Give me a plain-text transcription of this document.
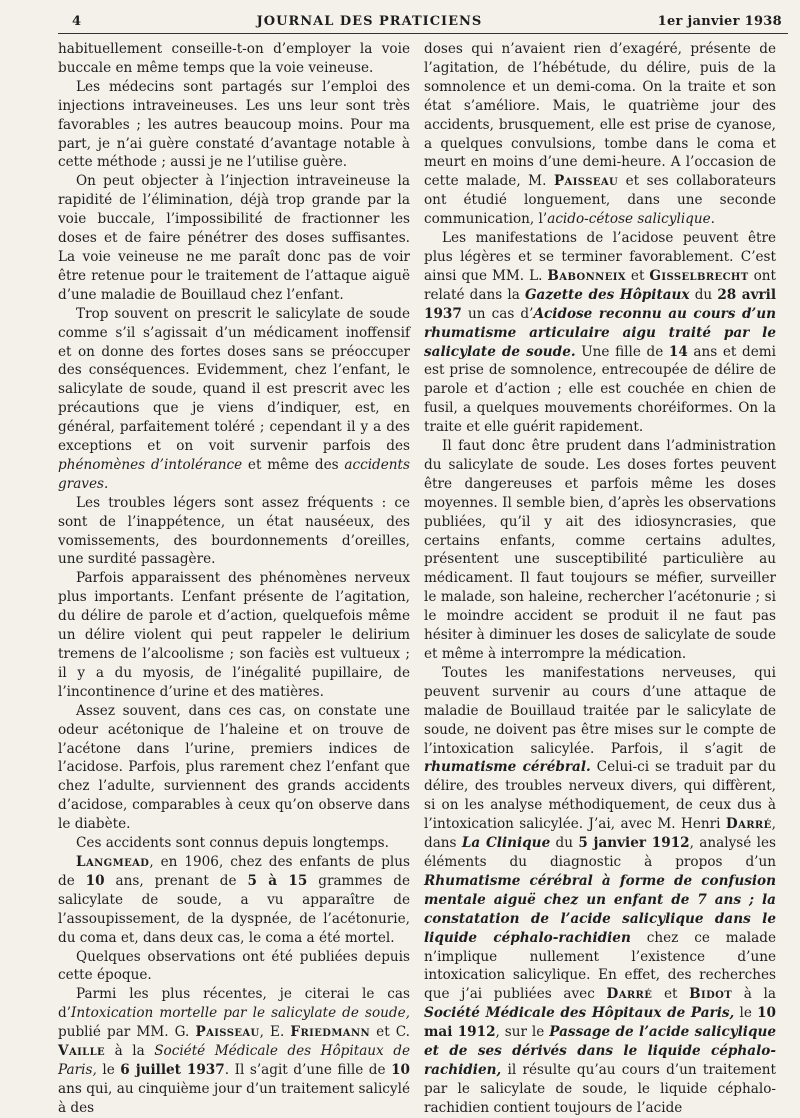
4	JOURNAL DES PRATICIENS	1er janvier 1938

habituellement conseille-t-on d’employer la voie buccale en même temps que la voie veineuse.

Les médecins sont partagés sur l’emploi des injections intraveineuses. Les uns leur sont très favorables ; les autres beaucoup moins. Pour ma part, je n’ai guère constaté d’avantage notable à cette méthode ; aussi je ne l’utilise guère.

On peut objecter à l’injection intraveineuse la rapidité de l’élimination, déjà trop grande par la voie buccale, l’impossibilité de fractionner les doses et de faire pénétrer des doses suffisantes. La voie veineuse ne me paraît donc pas de voir être retenue pour le traitement de l’attaque aiguë d’une maladie de Bouillaud chez l’enfant.

Trop souvent on prescrit le salicylate de soude comme s’il s’agissait d’un médicament inoffensif et on donne des fortes doses sans se préoccuper des conséquences. Evidemment, chez l’enfant, le salicylate de soude, quand il est prescrit avec les précautions que je viens d’indiquer, est, en général, parfaitement toléré ; cependant il y a des exceptions et on voit survenir parfois des phénomènes d’intolérance et même des accidents graves.

Les troubles légers sont assez fréquents : ce sont de l’inappétence, un état nauséeux, des vomissements, des bourdonnements d’oreilles, une surdité passagère.

Parfois apparaissent des phénomènes nerveux plus importants. L’enfant présente de l’agitation, du délire de parole et d’action, quelquefois même un délire violent qui peut rappeler le delirium tremens de l’alcoolisme ; son faciès est vultueux ; il y a du myosis, de l’inégalité pupillaire, de l’incontinence d’urine et des matières.

Assez souvent, dans ces cas, on constate une odeur acétonique de l’haleine et on trouve de l’acétone dans l’urine, premiers indices de l’acidose. Parfois, plus rarement chez l’enfant que chez l’adulte, surviennent des grands accidents d’acidose, comparables à ceux qu’on observe dans le diabète.

Ces accidents sont connus depuis longtemps.

Langmead, en 1906, chez des enfants de plus de 10 ans, prenant de 5 à 15 grammes de salicylate de soude, a vu apparaître de l’assoupissement, de la dyspnée, de l’acétonurie, du coma et, dans deux cas, le coma a été mortel.

Quelques observations ont été publiées depuis cette époque.

Parmi les plus récentes, je citerai le cas d’Intoxication mortelle par le salicylate de soude, publié par MM. G. Paisseau, E. Friedmann et C. Vaille à la Société Médicale des Hôpitaux de Paris, le 6 juillet 1937. Il s’agit d’une fille de 10 ans qui, au cinquième jour d’un traitement salicylé à des

doses qui n’avaient rien d’exagéré, présente de l’agitation, de l’hébétude, du délire, puis de la somnolence et un demi-coma. On la traite et son état s’améliore. Mais, le quatrième jour des accidents, brusquement, elle est prise de cyanose, a quelques convulsions, tombe dans le coma et meurt en moins d’une demi-heure. A l’occasion de cette malade, M. Paisseau et ses collaborateurs ont étudié longuement, dans une seconde communication, l’acido-cétose salicylique.

Les manifestations de l’acidose peuvent être plus légères et se terminer favorablement. C’est ainsi que MM. L. Babonneix et Gisselbrecht ont relaté dans la Gazette des Hôpitaux du 28 avril 1937 un cas d’Acidose reconnu au cours d’un rhumatisme articulaire aigu traité par le salicylate de soude. Une fille de 14 ans et demi est prise de somnolence, entrecoupée de délire de parole et d’action ; elle est couchée en chien de fusil, a quelques mouvements choréiformes. On la traite et elle guérit rapidement.

Il faut donc être prudent dans l’administration du salicylate de soude. Les doses fortes peuvent être dangereuses et parfois même les doses moyennes. Il semble bien, d’après les observations publiées, qu’il y ait des idiosyncrasies, que certains enfants, comme certains adultes, présentent une susceptibilité particulière au médicament. Il faut toujours se méfier, surveiller le malade, son haleine, rechercher l’acétonurie ; si le moindre accident se produit il ne faut pas hésiter à diminuer les doses de salicylate de soude et même à interrompre la médication.

Toutes les manifestations nerveuses, qui peuvent survenir au cours d’une attaque de maladie de Bouillaud traitée par le salicylate de soude, ne doivent pas être mises sur le compte de l’intoxication salicylée. Parfois, il s’agit de rhumatisme cérébral. Celui-ci se traduit par du délire, des troubles nerveux divers, qui diffèrent, si on les analyse méthodiquement, de ceux dus à l’intoxication salicylée. J’ai, avec M. Henri Darré, dans La Clinique du 5 janvier 1912, analysé les éléments du diagnostic à propos d’un Rhumatisme cérébral à forme de confusion mentale aiguë chez un enfant de 7 ans ; la constatation de l’acide salicylique dans le liquide céphalo-rachidien chez ce malade n’implique nullement l’existence d’une intoxication salicylique. En effet, des recherches que j’ai publiées avec Darré et Bidot à la Société Médicale des Hôpitaux de Paris, le 10 mai 1912, sur le Passage de l’acide salicylique et de ses dérivés dans le liquide céphalo-rachidien, il résulte qu’au cours d’un traitement par le salicylate de soude, le liquide céphalo-rachidien contient toujours de l’acide
